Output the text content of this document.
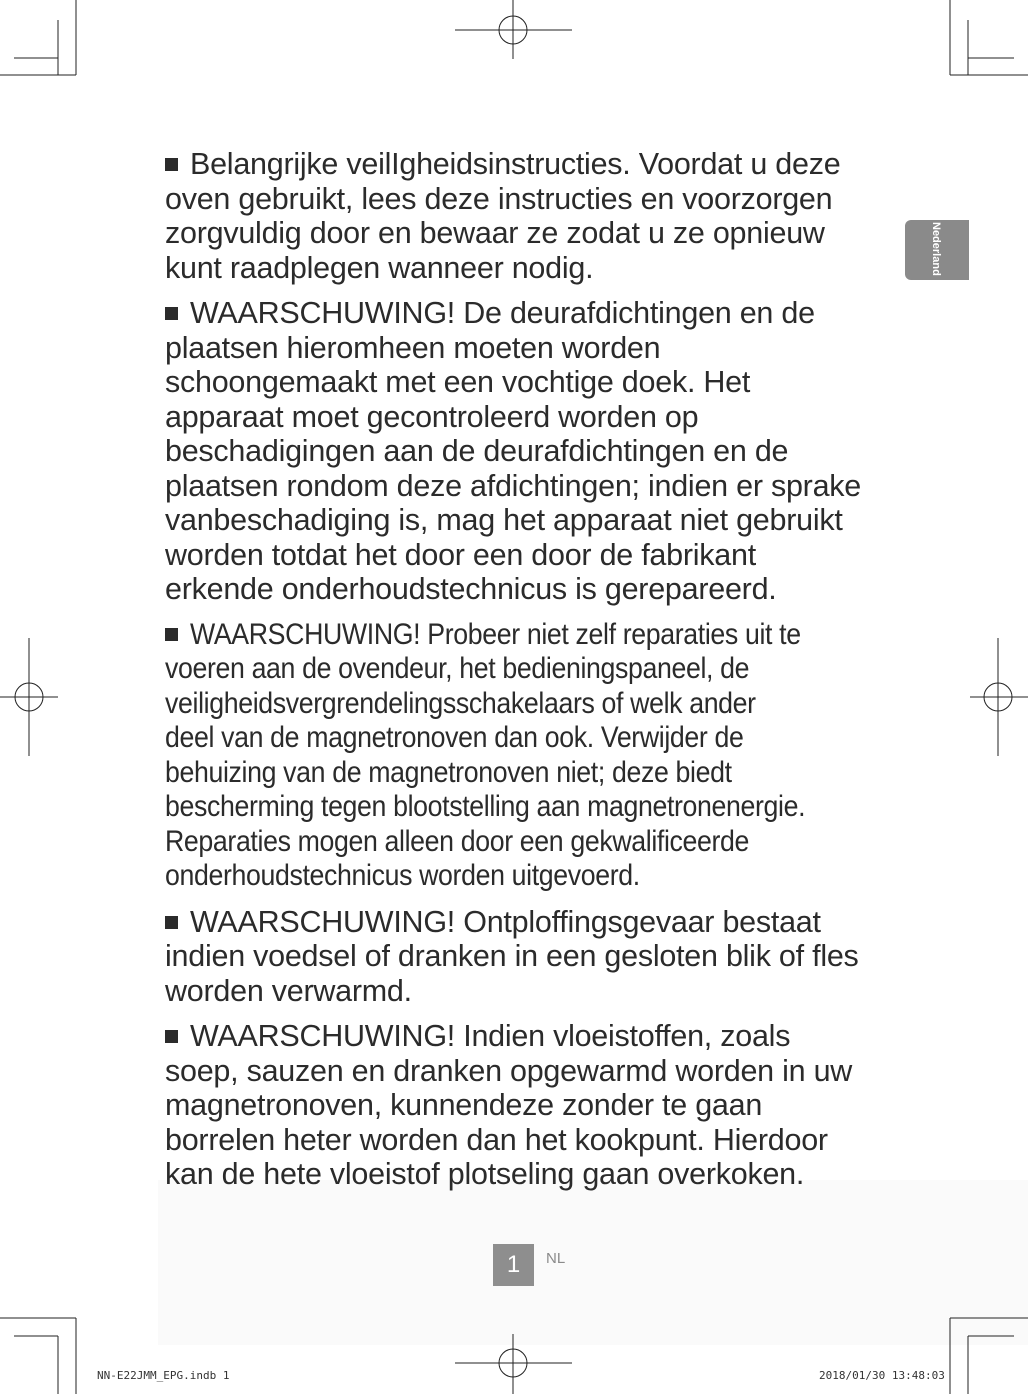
Nederland

Belangrijke veilIgheidsinstructies. Voordat u deze
oven gebruikt, lees deze instructies en voorzorgen
zorgvuldig door en bewaar ze zodat u ze opnieuw
kunt raadplegen wanneer nodig.

WAARSCHUWING! De deurafdichtingen en de
plaatsen hieromheen moeten worden
schoongemaakt met een vochtige doek. Het
apparaat moet gecontroleerd worden op
beschadigingen aan de deurafdichtingen en de
plaatsen rondom deze afdichtingen; indien er sprake
vanbeschadiging is, mag het apparaat niet gebruikt
worden totdat het door een door de fabrikant
erkende onderhoudstechnicus is gerepareerd.

WAARSCHUWING! Probeer niet zelf reparaties uit te
voeren aan de ovendeur, het bedieningspaneel, de
veiligheidsvergrendelingsschakelaars of welk ander
deel van de magnetronoven dan ook. Verwijder de
behuizing van de magnetronoven niet; deze biedt
bescherming tegen blootstelling aan magnetronenergie.
Reparaties mogen alleen door een gekwalificeerde
onderhoudstechnicus worden uitgevoerd.

WAARSCHUWING! Ontploffingsgevaar bestaat
indien voedsel of dranken in een gesloten blik of fles
worden verwarmd.

WAARSCHUWING! Indien vloeistoffen, zoals
soep, sauzen en dranken opgewarmd worden in uw
magnetronoven, kunnendeze zonder te gaan
borrelen heter worden dan het kookpunt. Hierdoor
kan de hete vloeistof plotseling gaan overkoken.

1	NL
NN-E22JMM_EPG.indb 1	2018/01/30 13:48:03
